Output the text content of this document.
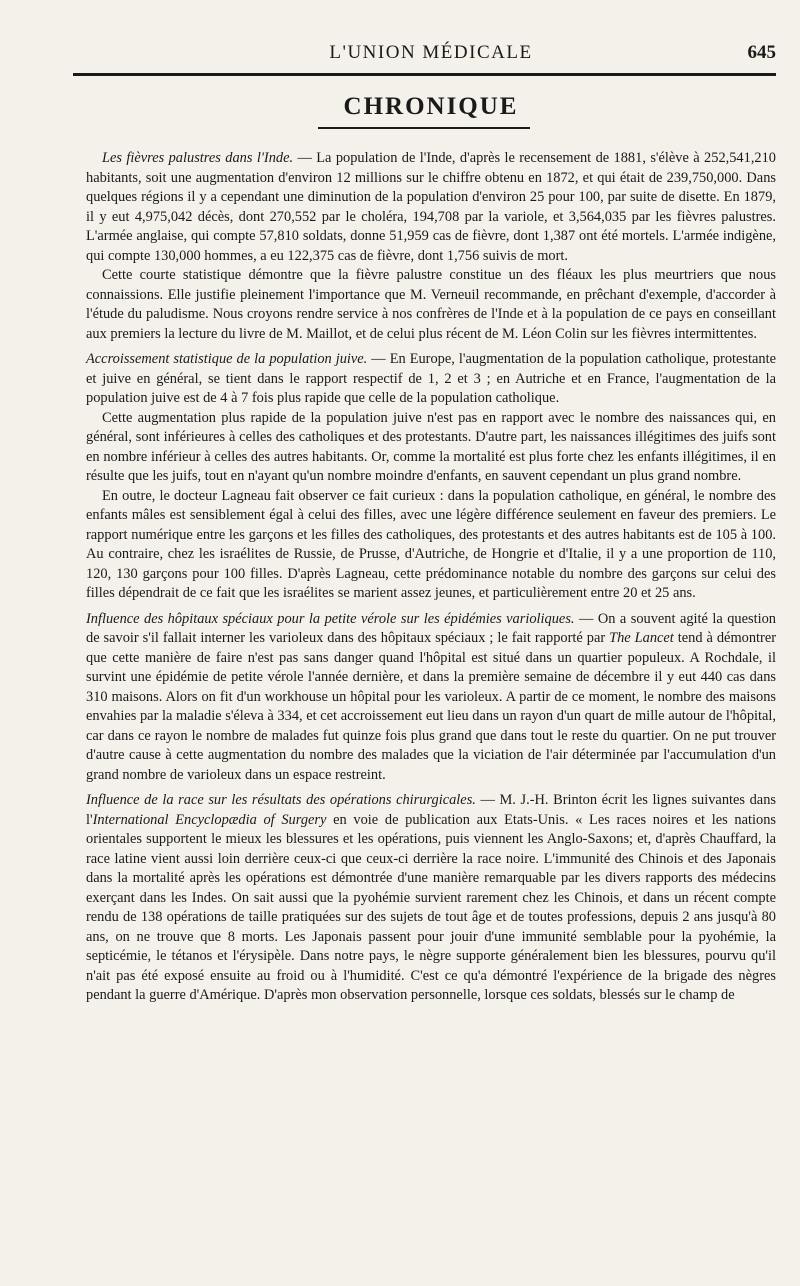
L'UNION MÉDICALE	645
CHRONIQUE

Les fièvres palustres dans l'Inde. — La population de l'Inde, d'après le recensement de 1881, s'élève à 252,541,210 habitants, soit une augmentation d'environ 12 millions sur le chiffre obtenu en 1872, et qui était de 239,750,000. Dans quelques régions il y a cependant une diminution de la population d'environ 25 pour 100, par suite de disette. En 1879, il y eut 4,975,042 décès, dont 270,552 par le choléra, 194,708 par la variole, et 3,564,035 par les fièvres palustres. L'armée anglaise, qui compte 57,810 soldats, donne 51,959 cas de fièvre, dont 1,387 ont été mortels. L'armée indigène, qui compte 130,000 hommes, a eu 122,375 cas de fièvre, dont 1,756 suivis de mort.

Cette courte statistique démontre que la fièvre palustre constitue un des fléaux les plus meurtriers que nous connaissions. Elle justifie pleinement l'importance que M. Verneuil recommande, en prêchant d'exemple, d'accorder à l'étude du paludisme. Nous croyons rendre service à nos confrères de l'Inde et à la population de ce pays en conseillant aux premiers la lecture du livre de M. Maillot, et de celui plus récent de M. Léon Colin sur les fièvres intermittentes.

Accroissement statistique de la population juive. — En Europe, l'augmentation de la population catholique, protestante et juive en général, se tient dans le rapport respectif de 1, 2 et 3 ; en Autriche et en France, l'augmentation de la population juive est de 4 à 7 fois plus rapide que celle de la population catholique.

Cette augmentation plus rapide de la population juive n'est pas en rapport avec le nombre des naissances qui, en général, sont inférieures à celles des catholiques et des protestants. D'autre part, les naissances illégitimes des juifs sont en nombre inférieur à celles des autres habitants. Or, comme la mortalité est plus forte chez les enfants illégitimes, il en résulte que les juifs, tout en n'ayant qu'un nombre moindre d'enfants, en sauvent cependant un plus grand nombre.

En outre, le docteur Lagneau fait observer ce fait curieux : dans la population catholique, en général, le nombre des enfants mâles est sensiblement égal à celui des filles, avec une légère différence seulement en faveur des premiers. Le rapport numérique entre les garçons et les filles des catholiques, des protestants et des autres habitants est de 105 à 100. Au contraire, chez les israélites de Russie, de Prusse, d'Autriche, de Hongrie et d'Italie, il y a une proportion de 110, 120, 130 garçons pour 100 filles. D'après Lagneau, cette prédominance notable du nombre des garçons sur celui des filles dépendrait de ce fait que les israélites se marient assez jeunes, et particulièrement entre 20 et 25 ans.

Influence des hôpitaux spéciaux pour la petite vérole sur les épidémies varioliques. — On a souvent agité la question de savoir s'il fallait interner les varioleux dans des hôpitaux spéciaux ; le fait rapporté par The Lancet tend à démontrer que cette manière de faire n'est pas sans danger quand l'hôpital est situé dans un quartier populeux. A Rochdale, il survint une épidémie de petite vérole l'année dernière, et dans la première semaine de décembre il y eut 440 cas dans 310 maisons. Alors on fit d'un workhouse un hôpital pour les varioleux. A partir de ce moment, le nombre des maisons envahies par la maladie s'éleva à 334, et cet accroissement eut lieu dans un rayon d'un quart de mille autour de l'hôpital, car dans ce rayon le nombre de malades fut quinze fois plus grand que dans tout le reste du quartier. On ne put trouver d'autre cause à cette augmentation du nombre des malades que la viciation de l'air déterminée par l'accumulation d'un grand nombre de varioleux dans un espace restreint.

Influence de la race sur les résultats des opérations chirurgicales. — M. J.-H. Brinton écrit les lignes suivantes dans l'International Encyclopædia of Surgery en voie de publication aux Etats-Unis. « Les races noires et les nations orientales supportent le mieux les blessures et les opérations, puis viennent les Anglo-Saxons; et, d'après Chauffard, la race latine vient aussi loin derrière ceux-ci que ceux-ci derrière la race noire. L'immunité des Chinois et des Japonais dans la mortalité après les opérations est démontrée d'une manière remarquable par les divers rapports des médecins exerçant dans les Indes. On sait aussi que la pyohémie survient rarement chez les Chinois, et dans un récent compte rendu de 138 opérations de taille pratiquées sur des sujets de tout âge et de toutes professions, depuis 2 ans jusqu'à 80 ans, on ne trouve que 8 morts. Les Japonais passent pour jouir d'une immunité semblable pour la pyohémie, la septicémie, le tétanos et l'érysipèle. Dans notre pays, le nègre supporte généralement bien les blessures, pourvu qu'il n'ait pas été exposé ensuite au froid ou à l'humidité. C'est ce qu'a démontré l'expérience de la brigade des nègres pendant la guerre d'Amérique. D'après mon observation personnelle, lorsque ces soldats, blessés sur le champ de
